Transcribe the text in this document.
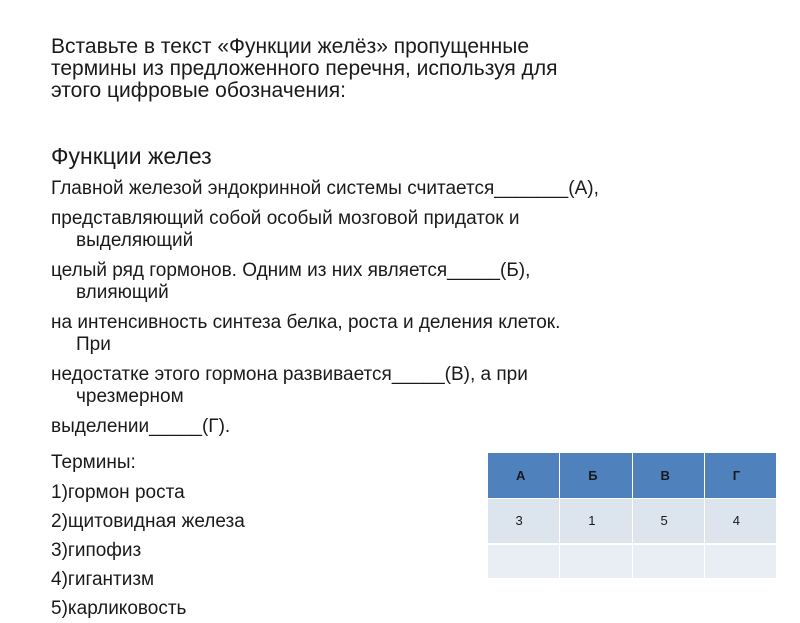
Вставьте в текст «Функции желёз» пропущенные
термины из предложенного перечня, используя для
этого цифровые обозначения:
Функции желез
Главной железой эндокринной системы считается_______(А),
представляющий собой особый мозговой придаток и
выделяющий
целый ряд гормонов. Одним из них является_____(Б),
влияющий
на интенсивность синтеза белка, роста и деления клеток.
При
недостатке этого гормона развивается_____(В), а при
чрезмерном
выделении_____(Г).
Термины:
1)гормон роста
2)щитовидная железа
3)гипофиз
4)гигантизм
5)карликовость
А	Б	В	Г
3	1	5	4
